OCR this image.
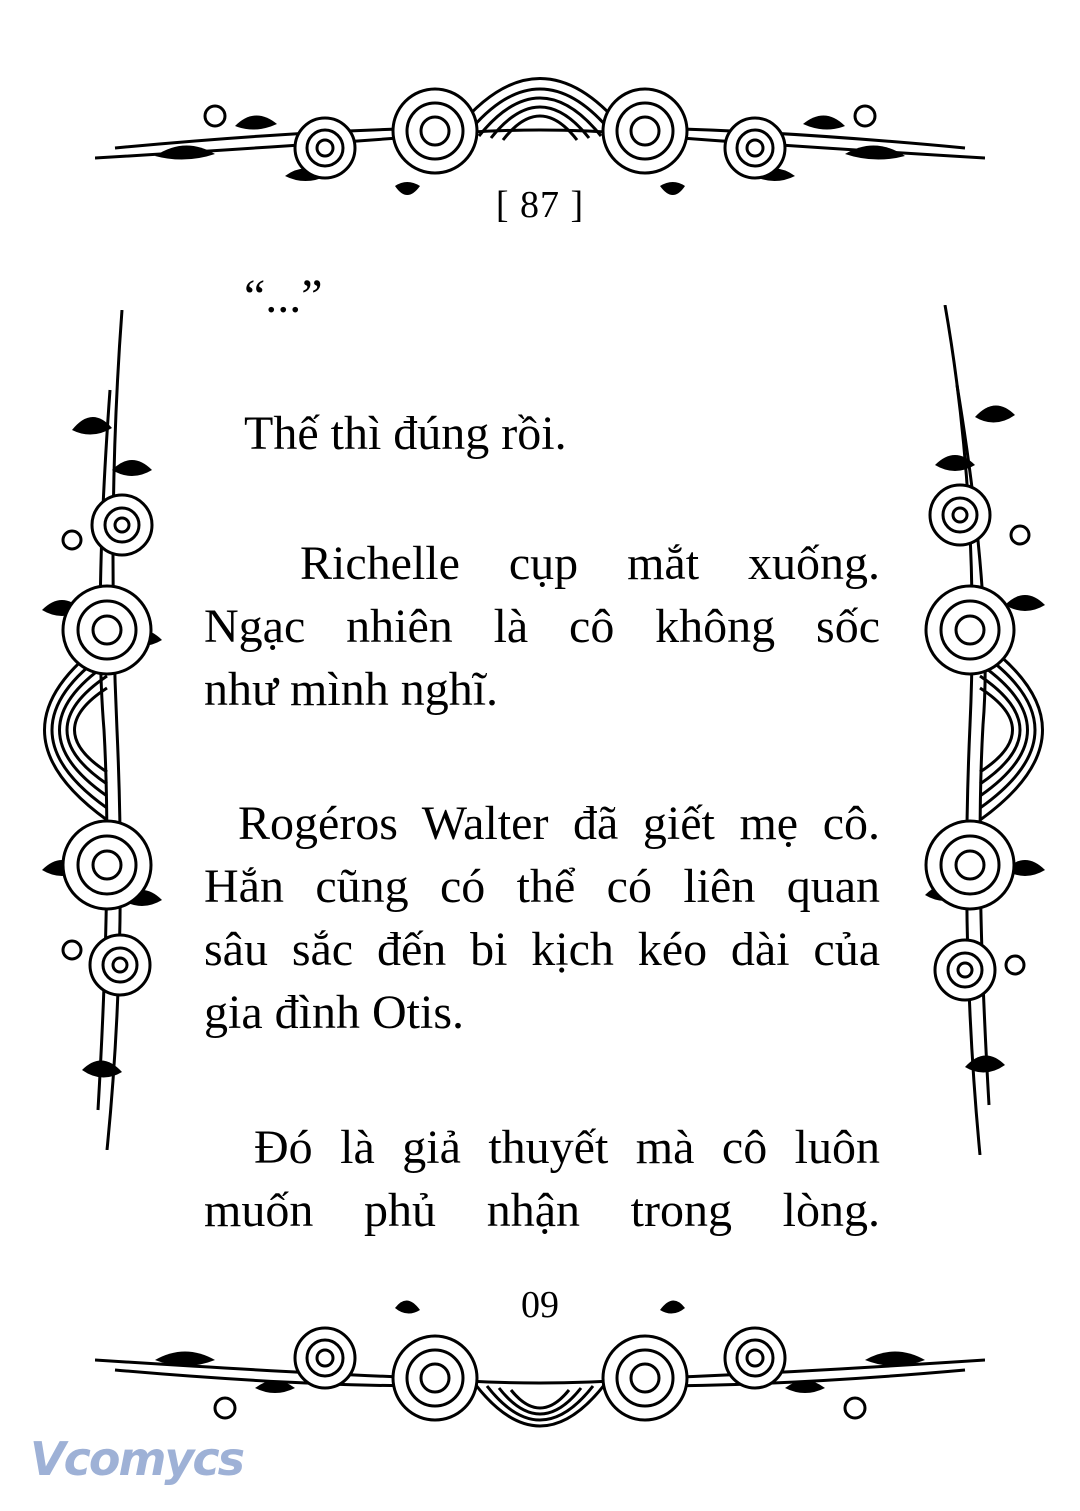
[ 87 ]

“...”

Thế thì đúng rồi.

Richelle cụp mắt xuống.
Ngạc nhiên là cô không sốc
như mình nghĩ.
Rogéros Walter đã giết mẹ cô.
Hắn cũng có thể có liên quan
sâu sắc đến bi kịch kéo dài của
gia đình Otis.
Đó là giả thuyết mà cô luôn
muốn phủ nhận trong lòng.
09
Vcomycs
